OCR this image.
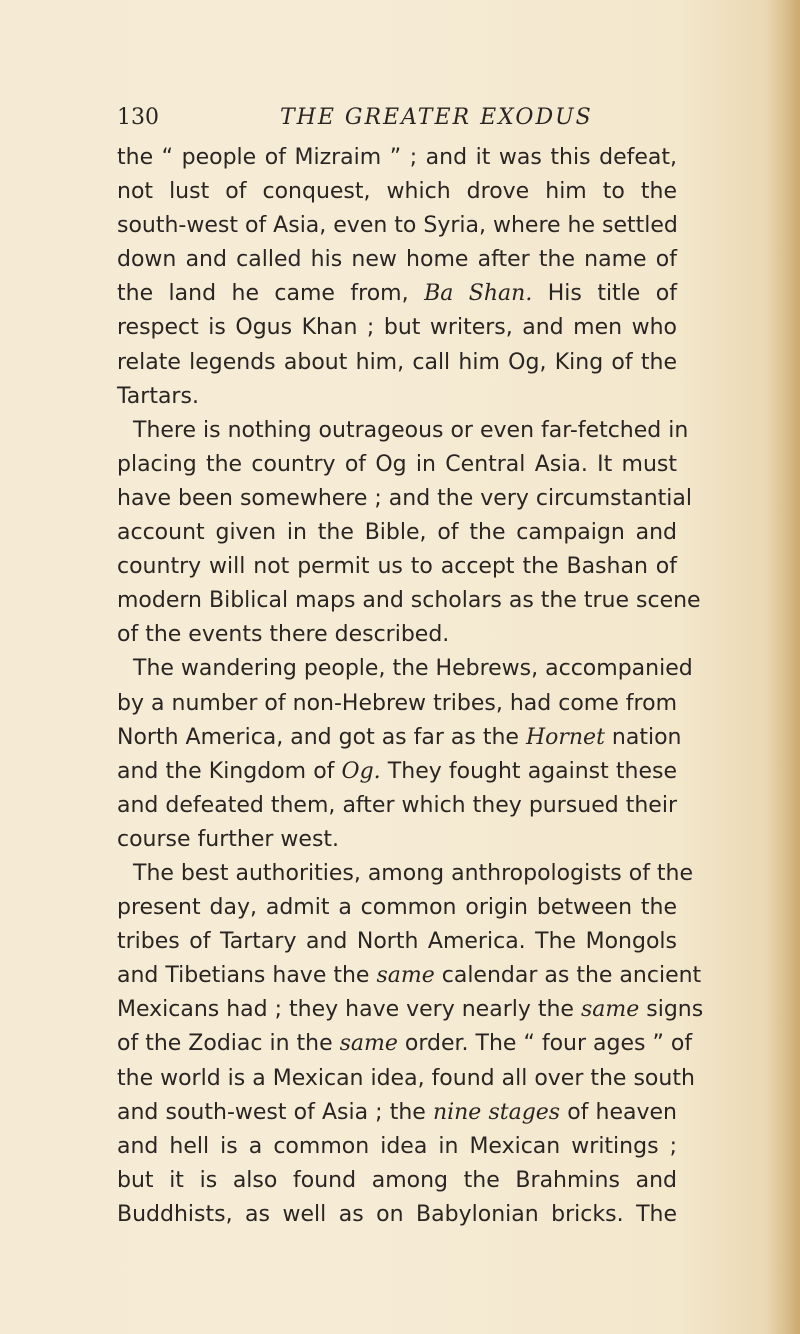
130	THE GREATER EXODUS
the “ people of Mizraim ” ; and it was this defeat,
not lust of conquest, which drove him to the
south-west of Asia, even to Syria, where he settled
down and called his new home after the name of
the land he came from, Ba Shan. His title of
respect is Ogus Khan ; but writers, and men who
relate legends about him, call him Og, King of the
Tartars.
There is nothing outrageous or even far-fetched in
placing the country of Og in Central Asia. It must
have been somewhere ; and the very circumstantial
account given in the Bible, of the campaign and
country will not permit us to accept the Bashan of
modern Biblical maps and scholars as the true scene
of the events there described.
The wandering people, the Hebrews, accompanied
by a number of non-Hebrew tribes, had come from
North America, and got as far as the Hornet nation
and the Kingdom of Og. They fought against these
and defeated them, after which they pursued their
course further west.
The best authorities, among anthropologists of the
present day, admit a common origin between the
tribes of Tartary and North America. The Mongols
and Tibetians have the same calendar as the ancient
Mexicans had ; they have very nearly the same signs
of the Zodiac in the same order. The “ four ages ” of
the world is a Mexican idea, found all over the south
and south-west of Asia ; the nine stages of heaven
and hell is a common idea in Mexican writings ;
but it is also found among the Brahmins and
Buddhists, as well as on Babylonian bricks. The
